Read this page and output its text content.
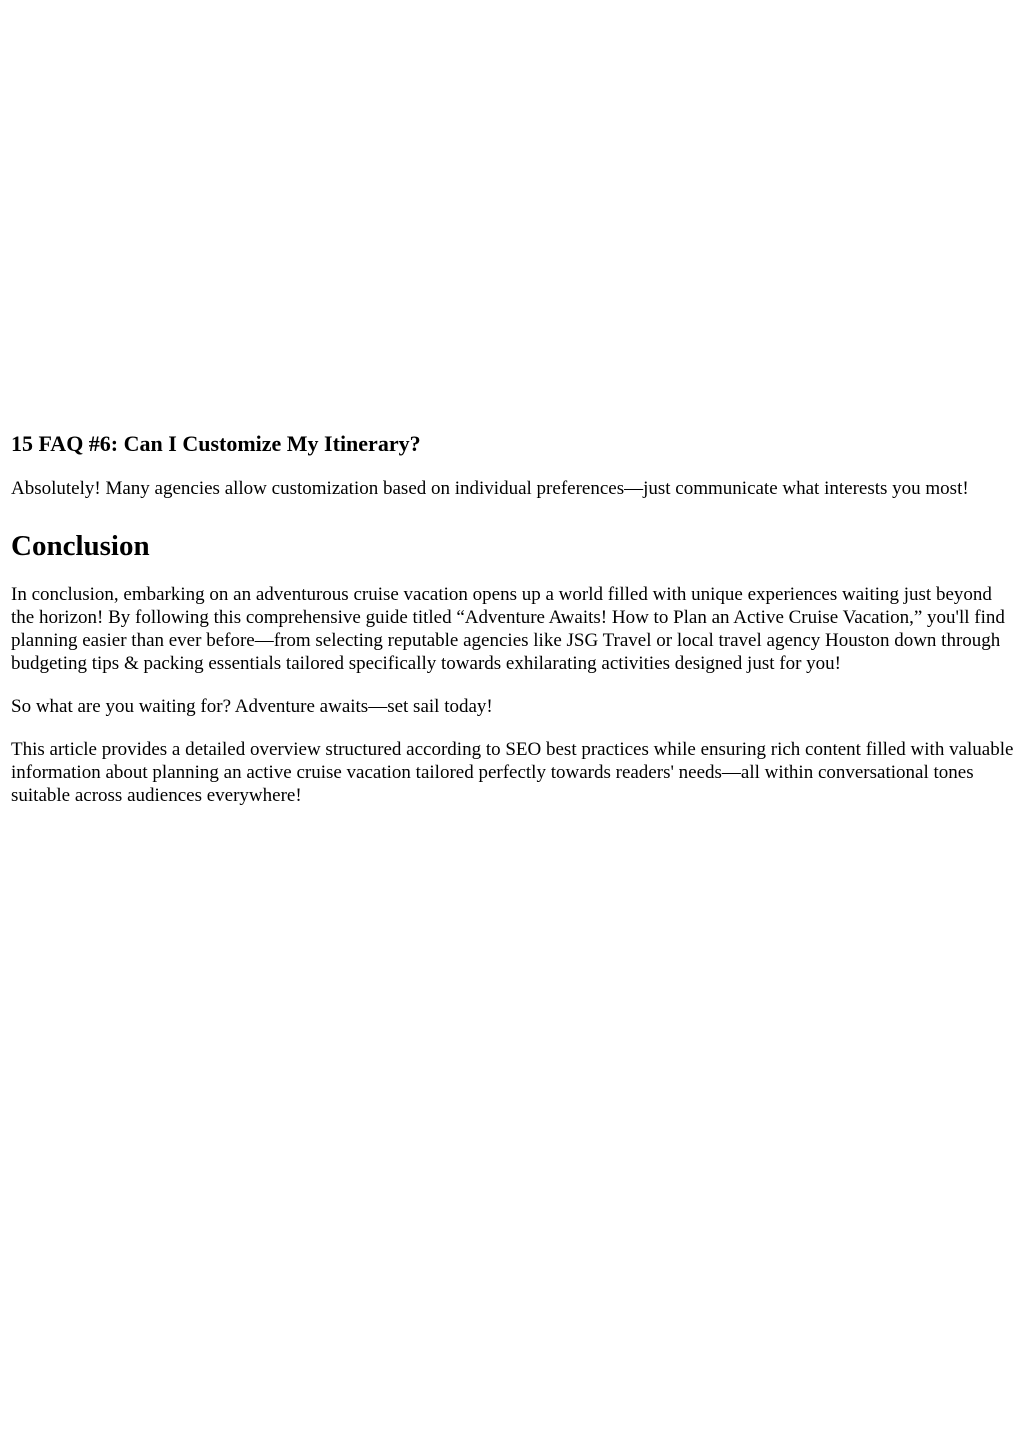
15 FAQ #6: Can I Customize My Itinerary?

Absolutely! Many agencies allow customization based on individual preferences—just communicate what interests you most!

Conclusion

In conclusion, embarking on an adventurous cruise vacation opens up a world filled with unique experiences waiting just beyond the horizon! By following this comprehensive guide titled “Adventure Awaits! How to Plan an Active Cruise Vacation,” you'll find planning easier than ever before—from selecting reputable agencies like JSG Travel or local travel agency Houston down through budgeting tips & packing essentials tailored specifically towards exhilarating activities designed just for you!

So what are you waiting for? Adventure awaits—set sail today!

This article provides a detailed overview structured according to SEO best practices while ensuring rich content filled with valuable information about planning an active cruise vacation tailored perfectly towards readers' needs—all within conversational tones suitable across audiences everywhere!
